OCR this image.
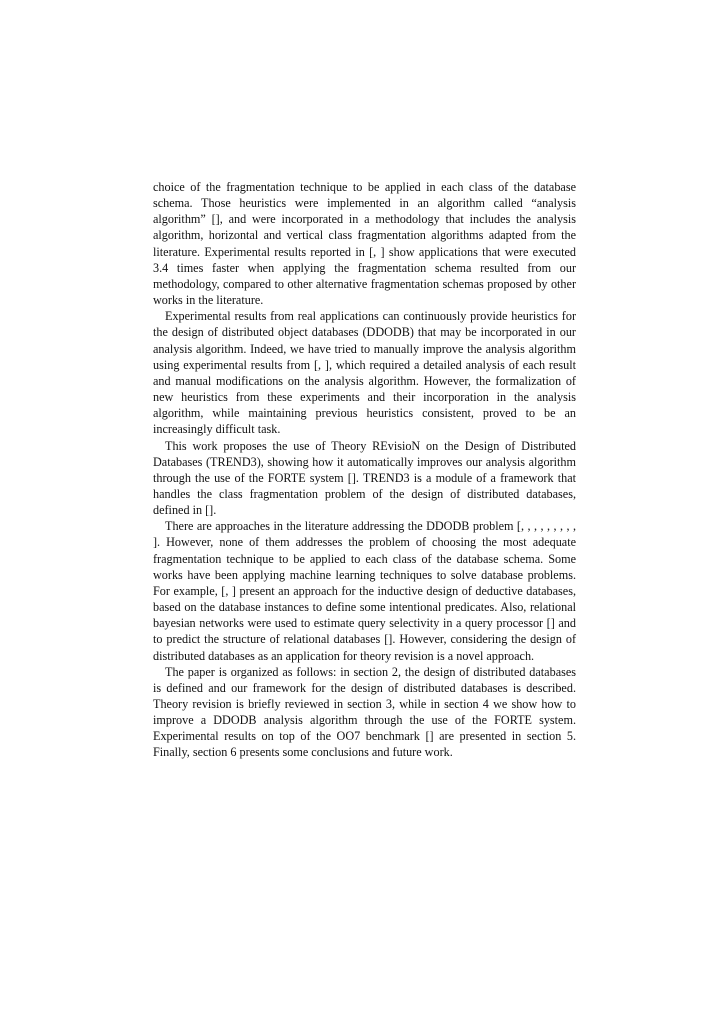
choice of the fragmentation technique to be applied in each class of the database schema. Those heuristics were implemented in an algorithm called “analysis algorithm” [], and were incorporated in a methodology that includes the analysis algorithm, horizontal and vertical class fragmentation algorithms adapted from the literature. Experimental results reported in [, ] show applications that were executed 3.4 times faster when applying the fragmentation schema resulted from our methodology, compared to other alternative fragmentation schemas proposed by other works in the literature.

Experimental results from real applications can continuously provide heuristics for the design of distributed object databases (DDODB) that may be incorporated in our analysis algorithm. Indeed, we have tried to manually improve the analysis algorithm using experimental results from [, ], which required a detailed analysis of each result and manual modifications on the analysis algorithm. However, the formalization of new heuristics from these experiments and their incorporation in the analysis algorithm, while maintaining previous heuristics consistent, proved to be an increasingly difficult task.

This work proposes the use of Theory REvisioN on the Design of Distributed Databases (TREND3), showing how it automatically improves our analysis algorithm through the use of the FORTE system []. TREND3 is a module of a framework that handles the class fragmentation problem of the design of distributed databases, defined in [].

There are approaches in the literature addressing the DDODB problem [, , , , , , , , , ]. However, none of them addresses the problem of choosing the most adequate fragmentation technique to be applied to each class of the database schema. Some works have been applying machine learning techniques to solve database problems. For example, [, ] present an approach for the inductive design of deductive databases, based on the database instances to define some intentional predicates. Also, relational bayesian networks were used to estimate query selectivity in a query processor [] and to predict the structure of relational databases []. However, considering the design of distributed databases as an application for theory revision is a novel approach.

The paper is organized as follows: in section 2, the design of distributed databases is defined and our framework for the design of distributed databases is described. Theory revision is briefly reviewed in section 3, while in section 4 we show how to improve a DDODB analysis algorithm through the use of the FORTE system. Experimental results on top of the OO7 benchmark [] are presented in section 5. Finally, section 6 presents some conclusions and future work.
